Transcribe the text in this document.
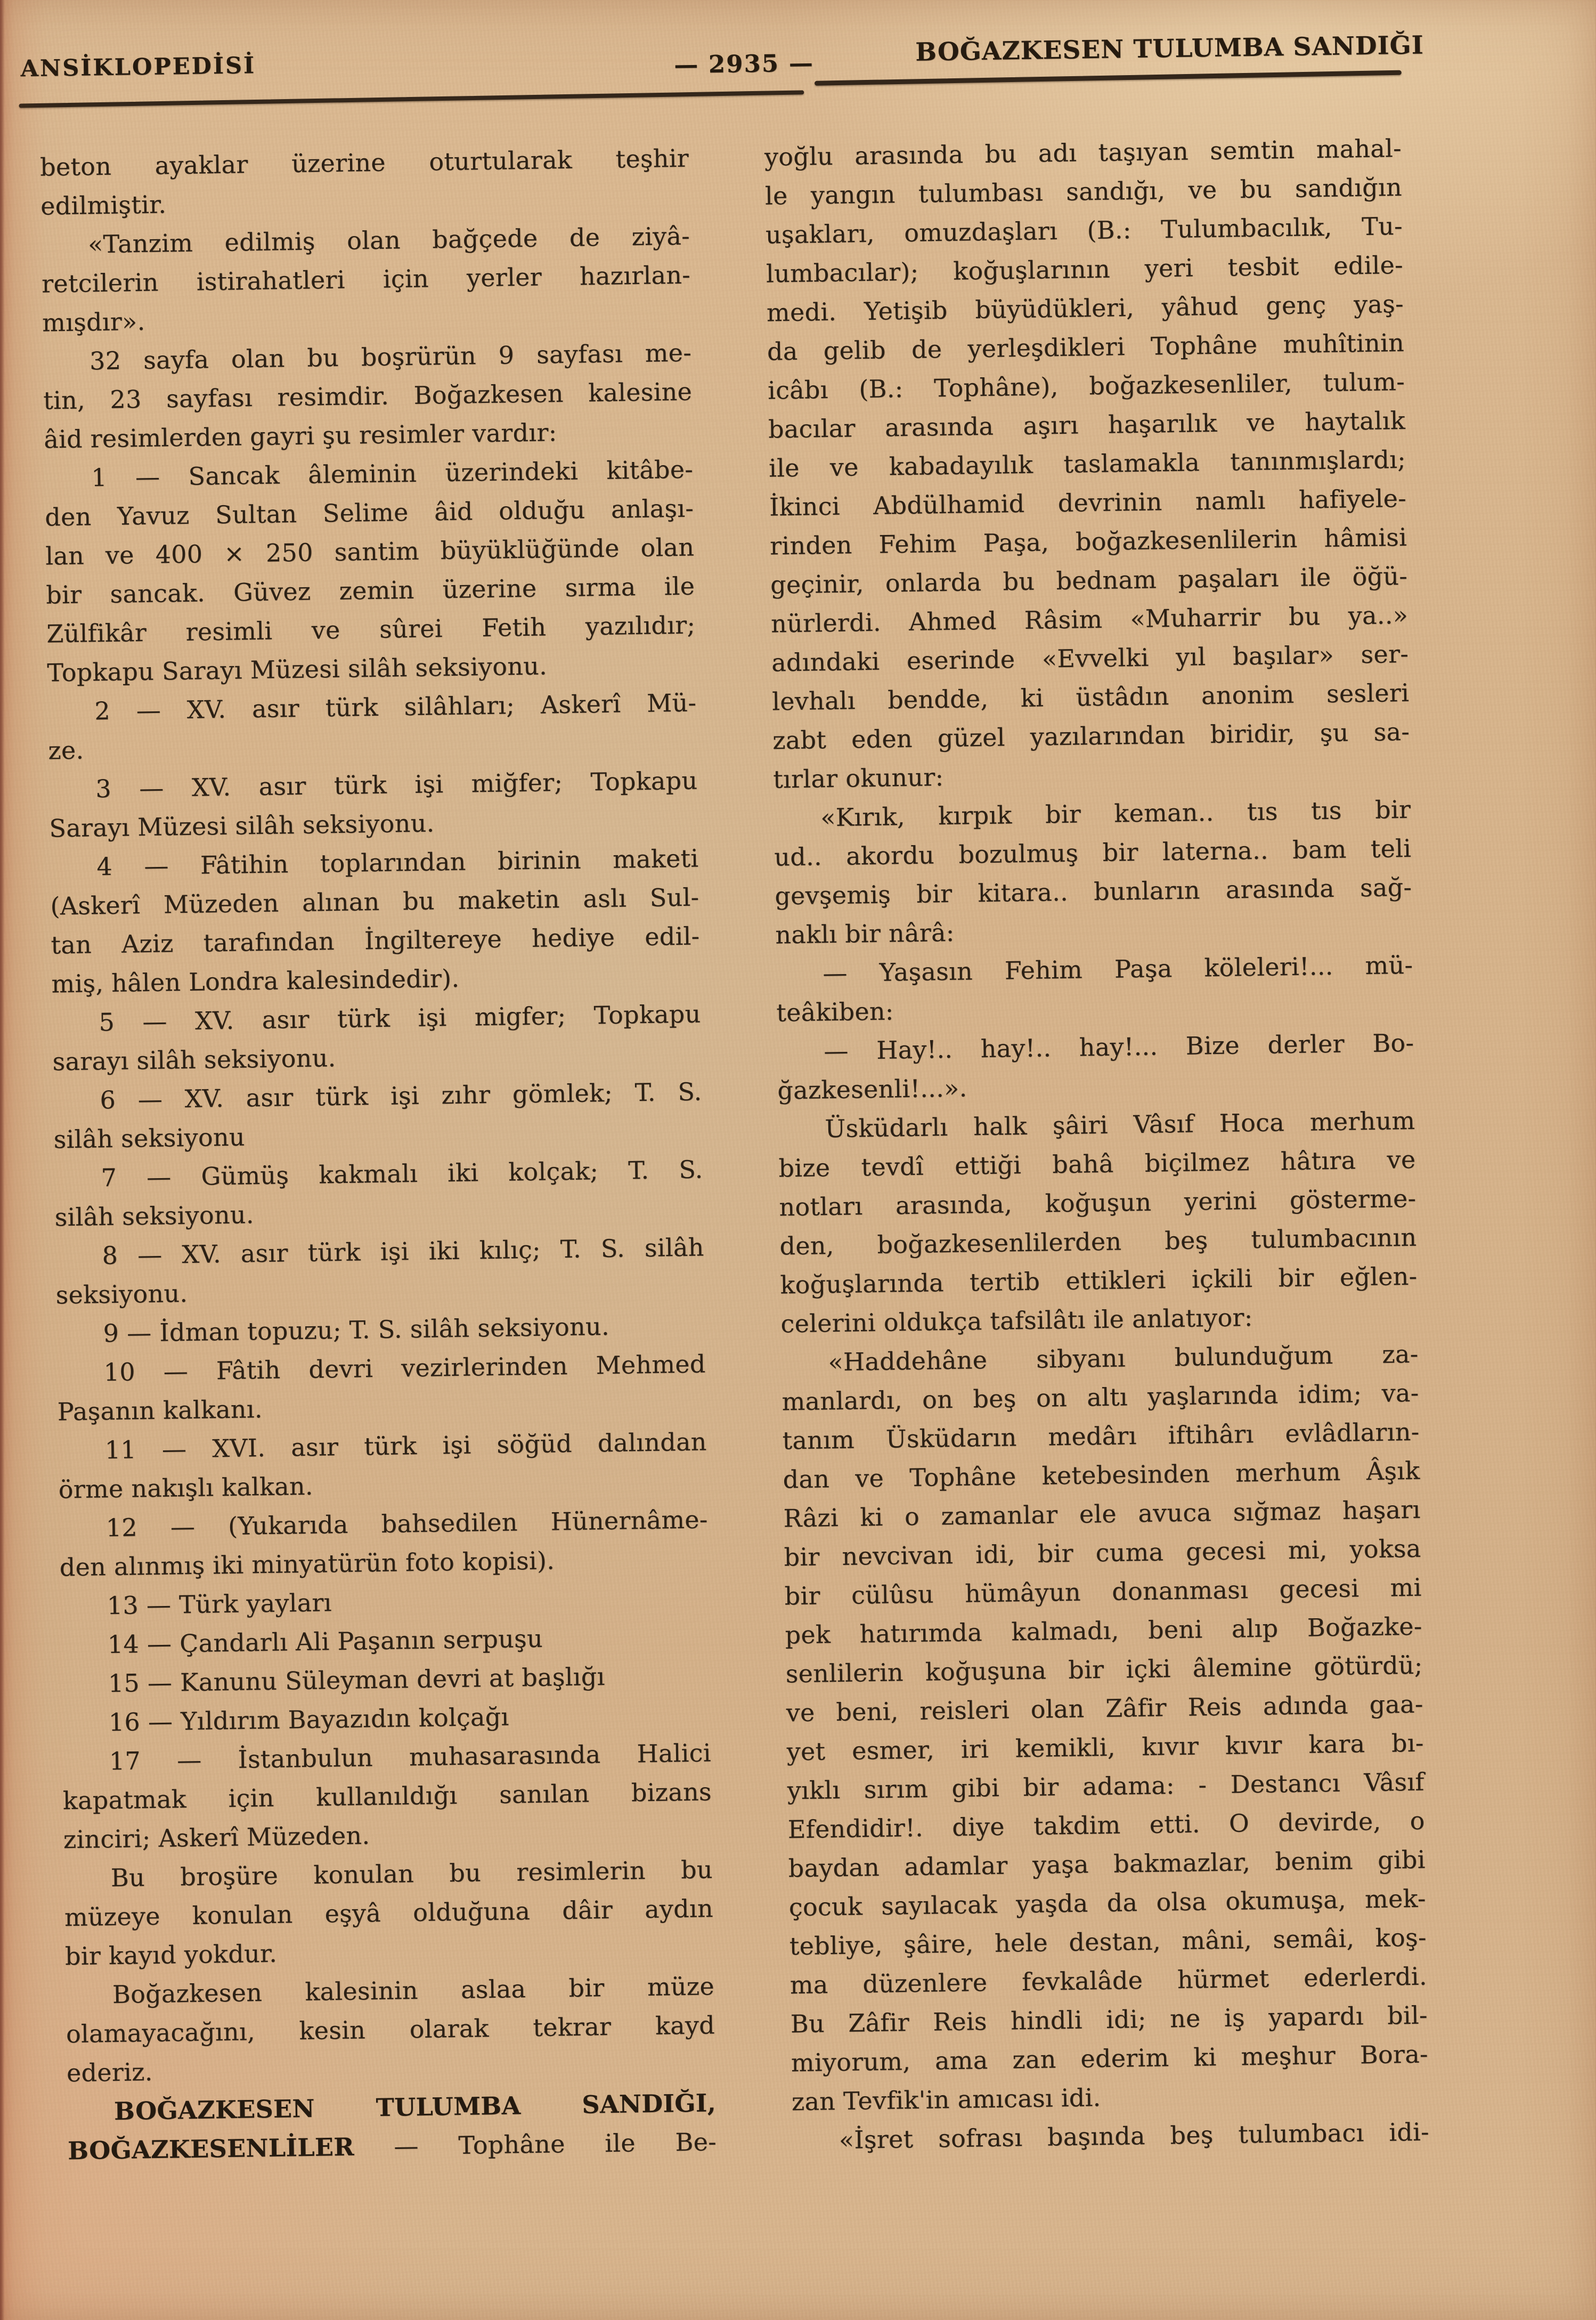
ANSİKLOPEDİSİ	— 2935 —	BOĞAZKESEN TULUMBA SANDIĞI
beton ayaklar üzerine oturtularak teşhir
edilmiştir.
«Tanzim edilmiş olan bağçede de ziyâ-
retcilerin istirahatleri için yerler hazırlan-
mışdır».
32 sayfa olan bu boşrürün 9 sayfası me-
tin, 23 sayfası resimdir. Boğazkesen kalesine
âid resimlerden gayri şu resimler vardır:
1 — Sancak âleminin üzerindeki kitâbe-
den Yavuz Sultan Selime âid olduğu anlaşı-
lan ve 400 × 250 santim büyüklüğünde olan
bir sancak. Güvez zemin üzerine sırma ile
Zülfikâr resimli ve sûrei Fetih yazılıdır;
Topkapu Sarayı Müzesi silâh seksiyonu.
2 — XV. asır türk silâhları; Askerî Mü-
ze.
3 — XV. asır türk işi miğfer; Topkapu
Sarayı Müzesi silâh seksiyonu.
4 — Fâtihin toplarından birinin maketi
(Askerî Müzeden alınan bu maketin aslı Sul-
tan Aziz tarafından İngiltereye hediye edil-
miş, hâlen Londra kalesindedir).
5 — XV. asır türk işi migfer; Topkapu
sarayı silâh seksiyonu.
6 — XV. asır türk işi zıhr gömlek; T. S.
silâh seksiyonu
7 — Gümüş kakmalı iki kolçak; T. S.
silâh seksiyonu.
8 — XV. asır türk işi iki kılıç; T. S. silâh
seksiyonu.
9 — İdman topuzu; T. S. silâh seksiyonu.
10 — Fâtih devri vezirlerinden Mehmed
Paşanın kalkanı.
11 — XVI. asır türk işi söğüd dalından
örme nakışlı kalkan.
12 — (Yukarıda bahsedilen Hünernâme-
den alınmış iki minyatürün foto kopisi).
13 — Türk yayları
14 — Çandarlı Ali Paşanın serpuşu
15 — Kanunu Süleyman devri at başlığı
16 — Yıldırım Bayazıdın kolçağı
17 — İstanbulun muhasarasında Halici
kapatmak için kullanıldığı sanılan bizans
zinciri; Askerî Müzeden.
Bu broşüre konulan bu resimlerin bu
müzeye konulan eşyâ olduğuna dâir aydın
bir kayıd yokdur.
Boğazkesen kalesinin aslaa bir müze
olamayacağını, kesin olarak tekrar kayd
ederiz.
BOĞAZKESEN TULUMBA SANDIĞI,
BOĞAZKESENLİLER — Tophâne ile Be-
yoğlu arasında bu adı taşıyan semtin mahal-
le yangın tulumbası sandığı, ve bu sandığın
uşakları, omuzdaşları (B.: Tulumbacılık, Tu-
lumbacılar); koğuşlarının yeri tesbit edile-
medi. Yetişib büyüdükleri, yâhud genç yaş-
da gelib de yerleşdikleri Tophâne muhîtinin
icâbı (B.: Tophâne), boğazkesenliler, tulum-
bacılar arasında aşırı haşarılık ve haytalık
ile ve kabadayılık taslamakla tanınmışlardı;
İkinci Abdülhamid devrinin namlı hafiyele-
rinden Fehim Paşa, boğazkesenlilerin hâmisi
geçinir, onlarda bu bednam paşaları ile öğü-
nürlerdi. Ahmed Râsim «Muharrir bu ya..»
adındaki eserinde «Evvelki yıl başılar» ser-
levhalı bendde, ki üstâdın anonim sesleri
zabt eden güzel yazılarından biridir, şu sa-
tırlar okunur:
«Kırık, kırpık bir keman.. tıs tıs bir
ud.. akordu bozulmuş bir laterna.. bam teli
gevşemiş bir kitara.. bunların arasında sağ-
naklı bir nârâ:
— Yaşasın Fehim Paşa köleleri!... mü-
teâkiben:
— Hay!.. hay!.. hay!... Bize derler Bo-
ğazkesenli!...».
Üsküdarlı halk şâiri Vâsıf Hoca merhum
bize tevdî ettiği bahâ biçilmez hâtıra ve
notları arasında, koğuşun yerini gösterme-
den, boğazkesenlilerden beş tulumbacının
koğuşlarında tertib ettikleri içkili bir eğlen-
celerini oldukça tafsilâtı ile anlatıyor:
«Haddehâne sibyanı bulunduğum za-
manlardı, on beş on altı yaşlarında idim; va-
tanım Üsküdarın medârı iftihârı evlâdların-
dan ve Tophâne ketebesinden merhum Âşık
Râzi ki o zamanlar ele avuca sığmaz haşarı
bir nevcivan idi, bir cuma gecesi mi, yoksa
bir cülûsu hümâyun donanması gecesi mi
pek hatırımda kalmadı, beni alıp Boğazke-
senlilerin koğuşuna bir içki âlemine götürdü;
ve beni, reisleri olan Zâfir Reis adında gaa-
yet esmer, iri kemikli, kıvır kıvır kara bı-
yıklı sırım gibi bir adama: - Destancı Vâsıf
Efendidir!. diye takdim etti. O devirde, o
baydan adamlar yaşa bakmazlar, benim gibi
çocuk sayılacak yaşda da olsa okumuşa, mek-
tebliye, şâire, hele destan, mâni, semâi, koş-
ma düzenlere fevkalâde hürmet ederlerdi.
Bu Zâfir Reis hindli idi; ne iş yapardı bil-
miyorum, ama zan ederim ki meşhur Bora-
zan Tevfik'in amıcası idi.
«İşret sofrası başında beş tulumbacı idi-
